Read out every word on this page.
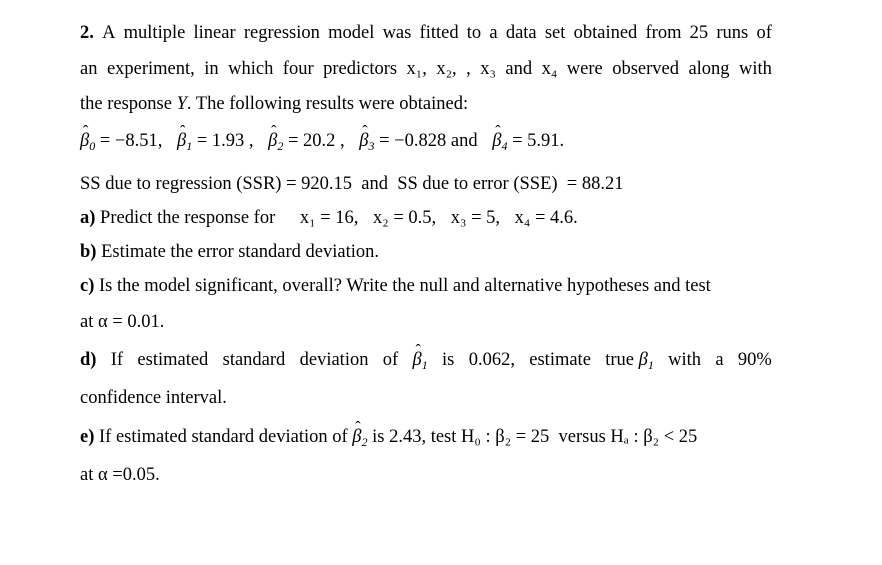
2. A multiple linear regression model was fitted to a data set obtained from 25 runs of
an experiment, in which four predictors x₁, x₂, , x₃ and x₄ were observed along with
the response Y. The following results were obtained:
ˆ $\beta_0 = -8.51$, ˆ $\beta_1 = 1.93$ , ˆ $\beta_2 = 20.2$ , ˆ $\beta_3 = -0.828$ and ˆ $\beta_4 = 5.91$.
SS due to regression (SSR) = 920.15  and  SS due to error (SSE)  = 88.21
a) Predict the response for x₁ = 16, x₂ = 0.5, x₃ = 5, x₄ = 4.6.
b) Estimate the error standard deviation.
c) Is the model significant, overall? Write the null and alternative hypotheses and test
at α = 0.01.
d) If estimated standard deviation of ˆ $\beta_1$ is 0.062, estimate true $\beta_1$ with a 90%
confidence interval.
e) If estimated standard deviation of ˆ $\beta_2$ is 2.43, test H₀ : β₂ = 25  versus Hₐ : β₂ < 25
at α =0.05.
